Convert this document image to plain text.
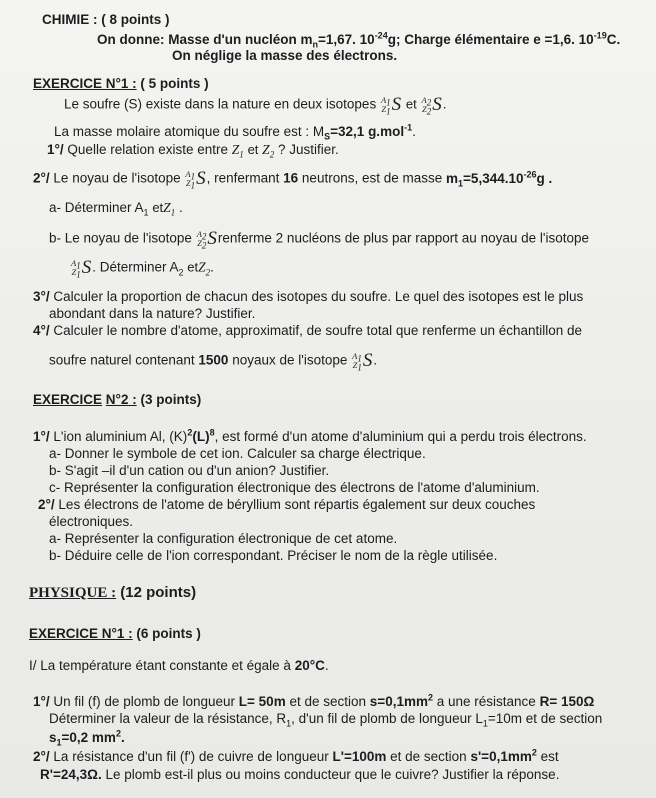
CHIMIE : ( 8 points )
On donne: Masse d'un nucléon $m_n=1,67$. $10^{-24}g$; Charge élémentaire e =1,6. $10^{-19}C$.
On néglige la masse des électrons.
EXERCICE N°1 : ( 5 points )
Le soufre (S) existe dans la nature en deux isotopes $A_1$
$Z_1$ S et $A_2$
$Z_2$ S .
La masse molaire atomique du soufre est : $M_S=32,1$ g.mol$^{-1}$.
1°/ Quelle relation existe entre $Z_1$ et $Z_2$ ? Justifier.
2°/ Le noyau de l'isotope $A_1$
$Z_1$ S , renfermant 16 neutrons, est de masse $m_1=5,344.10^{-26}g$ .
a- Déterminer $A_1$ etZ$_1$ .
b- Le noyau de l'isotope $A_2$
$Z_2$ S renferme 2 nucléons de plus par rapport au noyau de l'isotope
$A_1$
$Z_1$ S . Déterminer $A_2$ etZ$_2$.
3°/ Calculer la proportion de chacun des isotopes du soufre. Le quel des isotopes est le plus
abondant dans la nature? Justifier.
4°/ Calculer le nombre d'atome, approximatif, de soufre total que renferme un échantillon de
soufre naturel contenant 1500 noyaux de l'isotope $A_1$
$Z_1$ S .
EXERCICE N°2 : (3 points)
1°/ L'ion aluminium Al, $(K)^2(L)^8$, est formé d'un atome d'aluminium qui a perdu trois électrons.
a- Donner le symbole de cet ion. Calculer sa charge électrique.
b- S'agit –il d'un cation ou d'un anion? Justifier.
c- Représenter la configuration électronique des électrons de l'atome d'aluminium.
2°/ Les électrons de l'atome de béryllium sont répartis également sur deux couches
électroniques.
a- Représenter la configuration électronique de cet atome.
b- Déduire celle de l'ion correspondant. Préciser le nom de la règle utilisée.
PHYSIQUE : (12 points)
EXERCICE N°1 : (6 points )
I/ La température étant constante et égale à 20°C.
1°/ Un fil (f) de plomb de longueur L= 50m et de section $s=0,1mm^2$ a une résistance R= 150Ω
Déterminer la valeur de la résistance, $R_1$, d'un fil de plomb de longueur $L_1=10m$ et de section
$s_1=0,2$ $mm^2$.
2°/ La résistance d'un fil (f') de cuivre de longueur L'=100m et de section $s'=0,1mm^2$ est
R'=24,3Ω. Le plomb est-il plus ou moins conducteur que le cuivre? Justifier la réponse.
